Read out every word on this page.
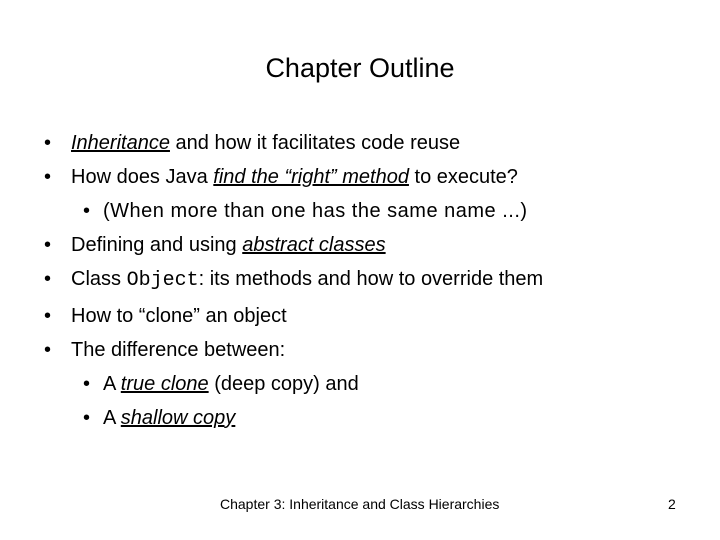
Chapter Outline
• Inheritance and how it facilitates code reuse
• How does Java find the “right” method to execute?
• (When more than one has the same name ...)
• Defining and using abstract classes
• Class Object: its methods and how to override them
• How to “clone” an object
• The difference between:
• A true clone (deep copy) and
• A shallow copy
Chapter 3: Inheritance and Class Hierarchies	2
